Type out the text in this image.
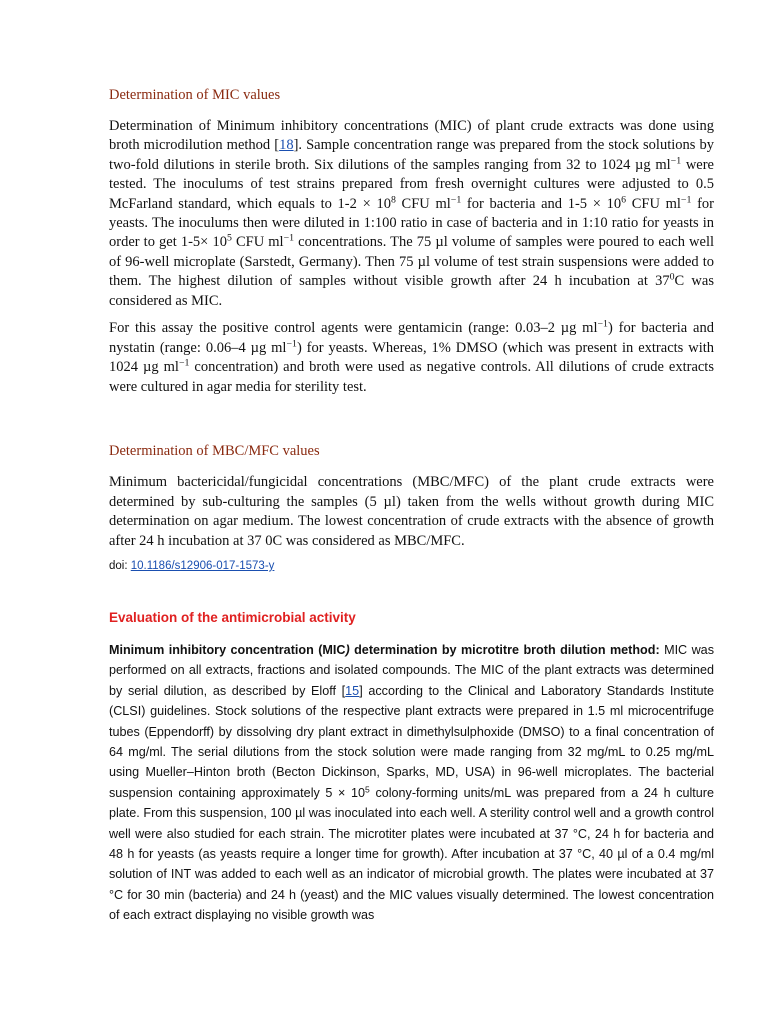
Determination of MIC values

Determination of Minimum inhibitory concentrations (MIC) of plant crude extracts was done using broth microdilution method [18]. Sample concentration range was prepared from the stock solutions by two-fold dilutions in sterile broth. Six dilutions of the samples ranging from 32 to 1024 µg $ml^{-1}$ were tested. The inoculums of test strains prepared from fresh overnight cultures were adjusted to 0.5 McFarland standard, which equals to $1-2 \times 10^8$ CFU $ml^{-1}$ for bacteria and $1-5 \times 10^6$ CFU $ml^{-1}$ for yeasts. The inoculums then were diluted in 1:100 ratio in case of bacteria and in 1:10 ratio for yeasts in order to get $1-5\times 10^5$ CFU $ml^{-1}$ concentrations. The 75 µl volume of samples were poured to each well of 96-well microplate (Sarstedt, Germany). Then 75 µl volume of test strain suspensions were added to them. The highest dilution of samples without visible growth after 24 h incubation at $37^0C$ was considered as MIC.

For this assay the positive control agents were gentamicin (range: 0.03–2 µg $ml^{-1}$) for bacteria and nystatin (range: 0.06–4 µg $ml^{-1}$) for yeasts. Whereas, 1% DMSO (which was present in extracts with 1024 µg $ml^{-1}$ concentration) and broth were used as negative controls. All dilutions of crude extracts were cultured in agar media for sterility test.

Determination of MBC/MFC values

Minimum bactericidal/fungicidal concentrations (MBC/MFC) of the plant crude extracts were determined by sub-culturing the samples (5 µl) taken from the wells without growth during MIC determination on agar medium. The lowest concentration of crude extracts with the absence of growth after 24 h incubation at 37 0C was considered as MBC/MFC.

doi: 10.1186/s12906-017-1573-y
Evaluation of the antimicrobial activity

Minimum inhibitory concentration (MIC) determination by microtitre broth dilution method: MIC was performed on all extracts, fractions and isolated compounds. The MIC of the plant extracts was determined by serial dilution, as described by Eloff [15] according to the Clinical and Laboratory Standards Institute (CLSI) guidelines. Stock solutions of the respective plant extracts were prepared in 1.5 ml microcentrifuge tubes (Eppendorff) by dissolving dry plant extract in dimethylsulphoxide (DMSO) to a final concentration of 64 mg/ml. The serial dilutions from the stock solution were made ranging from 32 mg/mL to 0.25 mg/mL using Mueller–Hinton broth (Becton Dickinson, Sparks, MD, USA) in 96-well microplates. The bacterial suspension containing approximately $5 \times 10^5$ colony-forming units/mL was prepared from a 24 h culture plate. From this suspension, 100 µl was inoculated into each well. A sterility control well and a growth control well were also studied for each strain. The microtiter plates were incubated at 37 °C, 24 h for bacteria and 48 h for yeasts (as yeasts require a longer time for growth). After incubation at 37 °C, 40 µl of a 0.4 mg/ml solution of INT was added to each well as an indicator of microbial growth. The plates were incubated at 37 °C for 30 min (bacteria) and 24 h (yeast) and the MIC values visually determined. The lowest concentration of each extract displaying no visible growth was
